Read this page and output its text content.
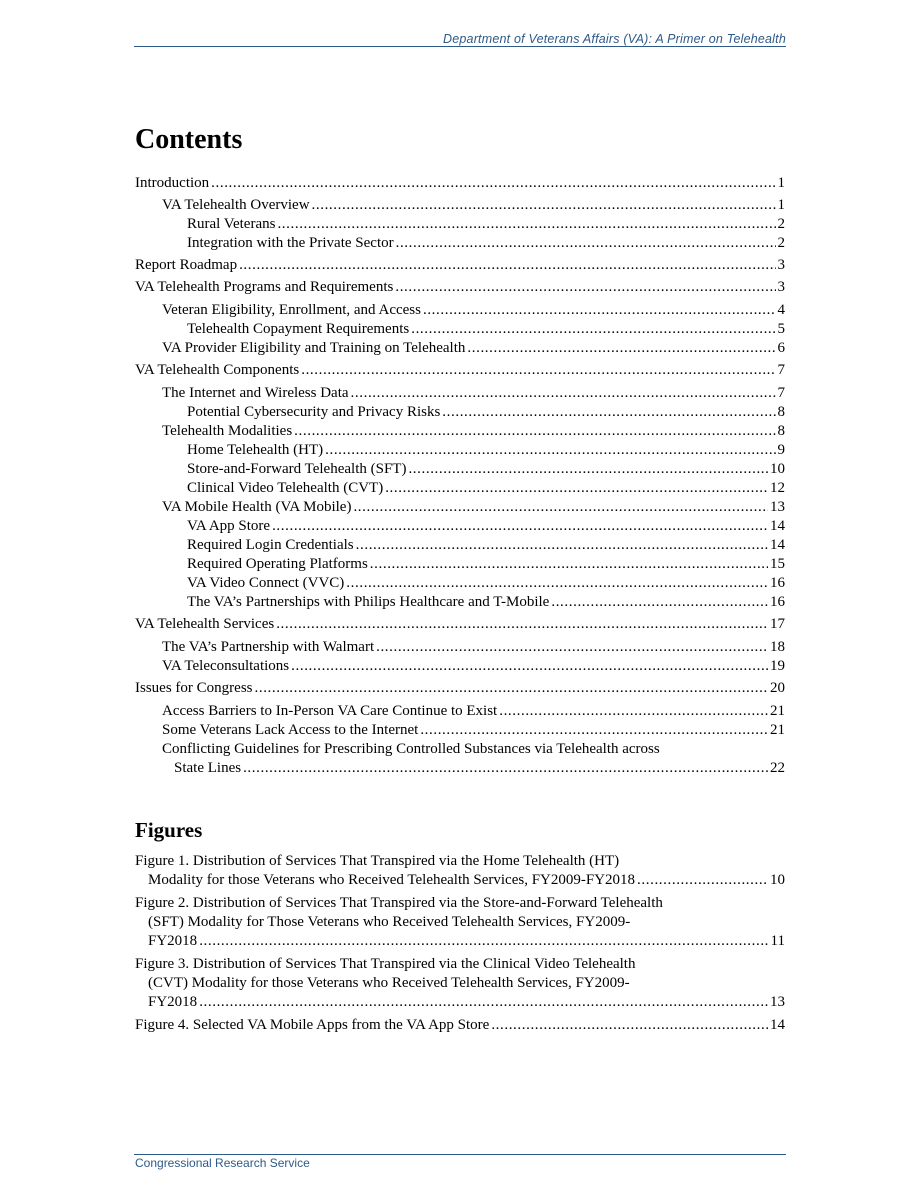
Department of Veterans Affairs (VA): A Primer on Telehealth
Contents
Introduction .....	1
VA Telehealth Overview .....	1
Rural Veterans .....	2
Integration with the Private Sector .....	2
Report Roadmap .....	3
VA Telehealth Programs and Requirements .....	3
Veteran Eligibility, Enrollment, and Access .....	4
Telehealth Copayment Requirements .....	5
VA Provider Eligibility and Training on Telehealth .....	6
VA Telehealth Components .....	7
The Internet and Wireless Data .....	7
Potential Cybersecurity and Privacy Risks .....	8
Telehealth Modalities .....	8
Home Telehealth (HT) .....	9
Store-and-Forward Telehealth (SFT) .....	10
Clinical Video Telehealth (CVT) .....	12
VA Mobile Health (VA Mobile) .....	13
VA App Store .....	14
Required Login Credentials .....	14
Required Operating Platforms .....	15
VA Video Connect (VVC) .....	16
The VA’s Partnerships with Philips Healthcare and T-Mobile .....	16
VA Telehealth Services .....	17
The VA’s Partnership with Walmart .....	18
VA Teleconsultations .....	19
Issues for Congress .....	20
Access Barriers to In-Person VA Care Continue to Exist .....	21
Some Veterans Lack Access to the Internet .....	21
Conflicting Guidelines for Prescribing Controlled Substances via Telehealth across
State Lines .....	22
Figure 1. Distribution of Services That Transpired via the Home Telehealth (HT)
Modality for those Veterans who Received Telehealth Services, FY2009-FY2018 .....	10
Figure 2. Distribution of Services That Transpired via the Store-and-Forward Telehealth
(SFT) Modality for Those Veterans who Received Telehealth Services, FY2009-
FY2018 .....	11
Figure 3. Distribution of Services That Transpired via the Clinical Video Telehealth
(CVT) Modality for those Veterans who Received Telehealth Services, FY2009-
FY2018 .....	13
Figure 4. Selected VA Mobile Apps from the VA App Store .....	14
Figures
Congressional Research Service
